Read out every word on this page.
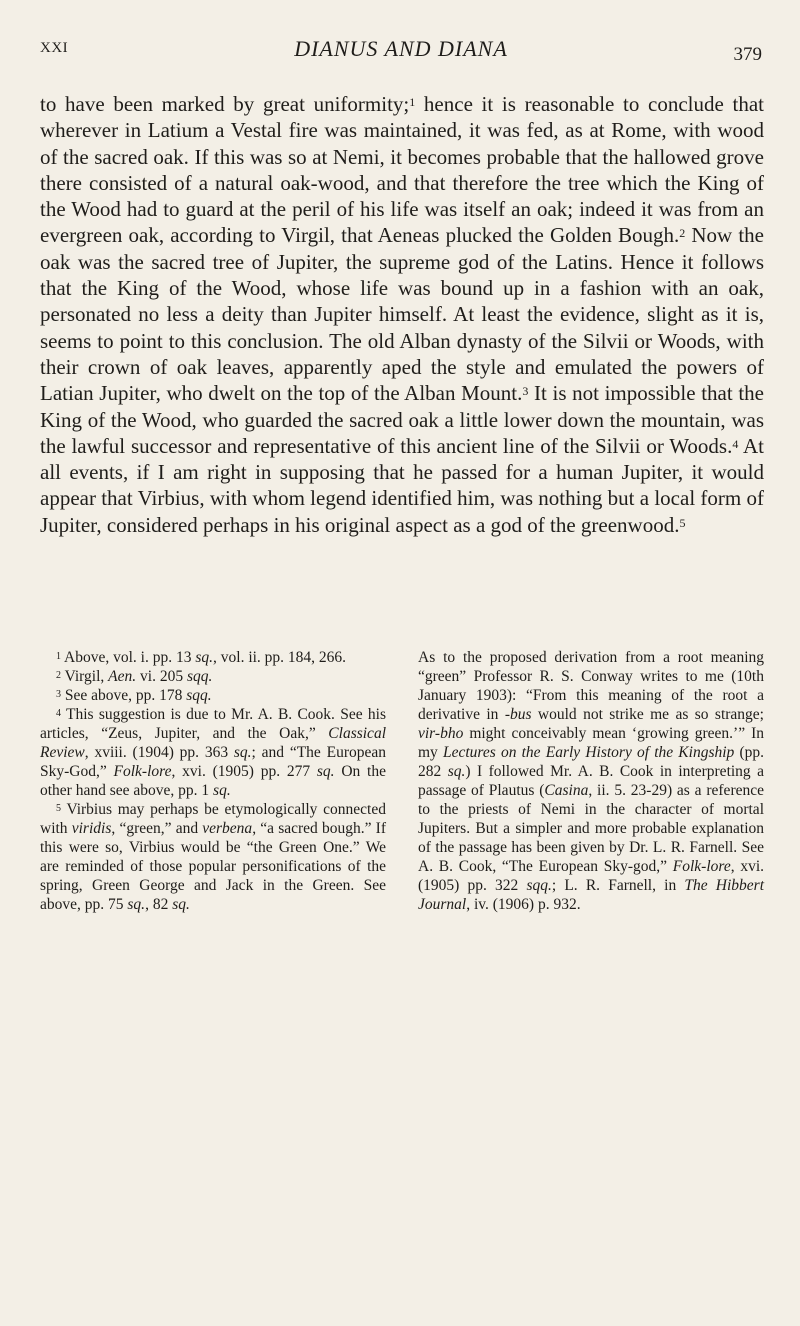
XXI	DIANUS AND DIANA	379

to have been marked by great uniformity;$^1$ hence it is reasonable to conclude that wherever in Latium a Vestal fire was maintained, it was fed, as at Rome, with wood of the sacred oak. If this was so at Nemi, it becomes probable that the hallowed grove there consisted of a natural oak-wood, and that therefore the tree which the King of the Wood had to guard at the peril of his life was itself an oak; indeed it was from an evergreen oak, according to Virgil, that Aeneas plucked the Golden Bough.$^2$ Now the oak was the sacred tree of Jupiter, the supreme god of the Latins. Hence it follows that the King of the Wood, whose life was bound up in a fashion with an oak, personated no less a deity than Jupiter himself. At least the evidence, slight as it is, seems to point to this conclusion. The old Alban dynasty of the Silvii or Woods, with their crown of oak leaves, apparently aped the style and emulated the powers of Latian Jupiter, who dwelt on the top of the Alban Mount.$^3$ It is not impossible that the King of the Wood, who guarded the sacred oak a little lower down the mountain, was the lawful successor and representative of this ancient line of the Silvii or Woods.$^4$ At all events, if I am right in supposing that he passed for a human Jupiter, it would appear that Virbius, with whom legend identified him, was nothing but a local form of Jupiter, considered perhaps in his original aspect as a god of the greenwood.$^5$

$^1$ Above, vol. i. pp. 13 sq., vol. ii. pp. 184, 266.

$^2$ Virgil, Aen. vi. 205 sqq.

$^3$ See above, pp. 178 sqq.

$^4$ This suggestion is due to Mr. A. B. Cook. See his articles, “Zeus, Jupiter, and the Oak,” Classical Review, xviii. (1904) pp. 363 sq.; and “The European Sky-God,” Folk-lore, xvi. (1905) pp. 277 sq. On the other hand see above, pp. 1 sq.

$^5$ Virbius may perhaps be etymologically connected with viridis, “green,” and verbena, “a sacred bough.” If this were so, Virbius would be “the Green One.” We are reminded of those popular personifications of the spring, Green George and Jack in the Green. See above, pp. 75 sq., 82 sq.

As to the proposed derivation from a root meaning “green” Professor R. S. Conway writes to me (10th January 1903): “From this meaning of the root a derivative in -bus would not strike me as so strange; vir-bho might conceivably mean ‘growing green.’” In my Lectures on the Early History of the Kingship (pp. 282 sq.) I followed Mr. A. B. Cook in interpreting a passage of Plautus (Casina, ii. 5. 23-29) as a reference to the priests of Nemi in the character of mortal Jupiters. But a simpler and more probable explanation of the passage has been given by Dr. L. R. Farnell. See A. B. Cook, “The European Sky-god,” Folk-lore, xvi. (1905) pp. 322 sqq.; L. R. Farnell, in The Hibbert Journal, iv. (1906) p. 932.
